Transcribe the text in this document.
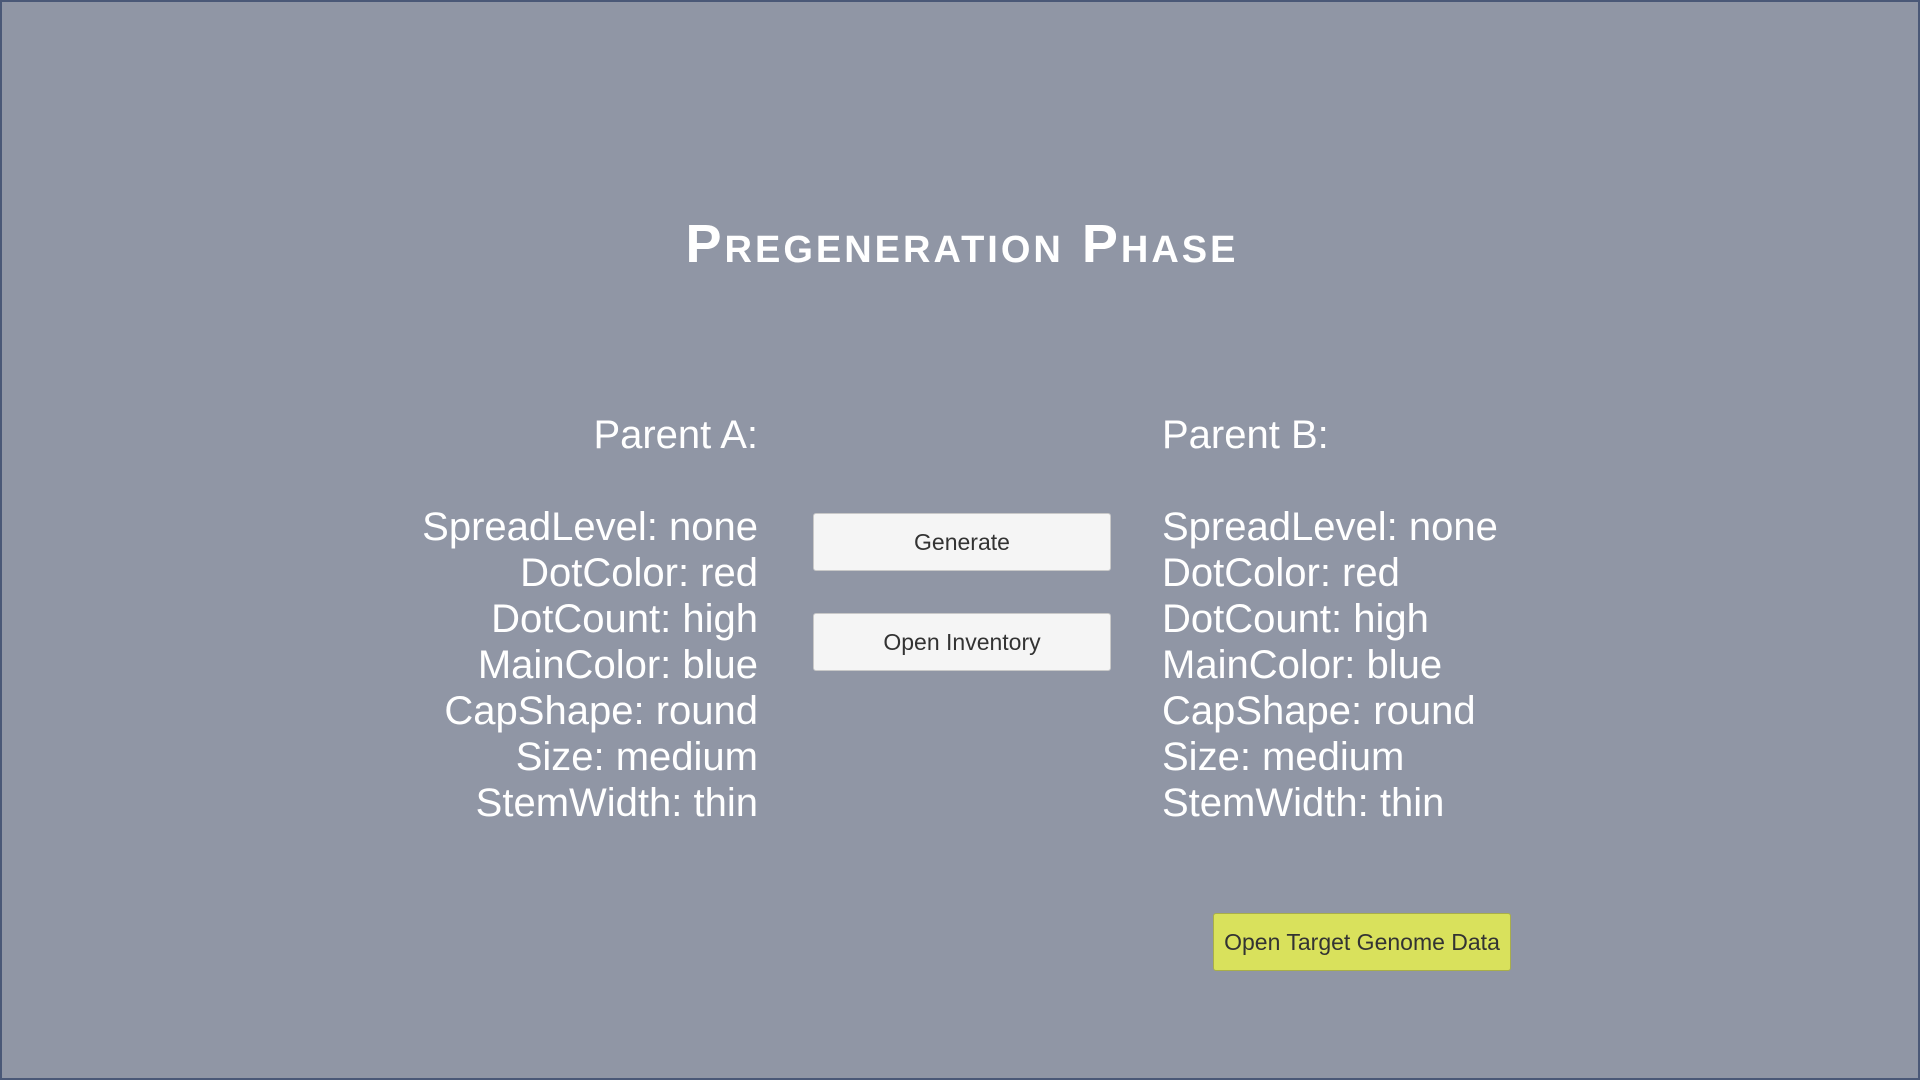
Pregeneration Phase
Parent A:
SpreadLevel: none
DotColor: red
DotCount: high
MainColor: blue
CapShape: round
Size: medium
StemWidth: thin
Generate
Open Inventory
Parent B:
SpreadLevel: none
DotColor: red
DotCount: high
MainColor: blue
CapShape: round
Size: medium
StemWidth: thin
Open Target Genome Data
